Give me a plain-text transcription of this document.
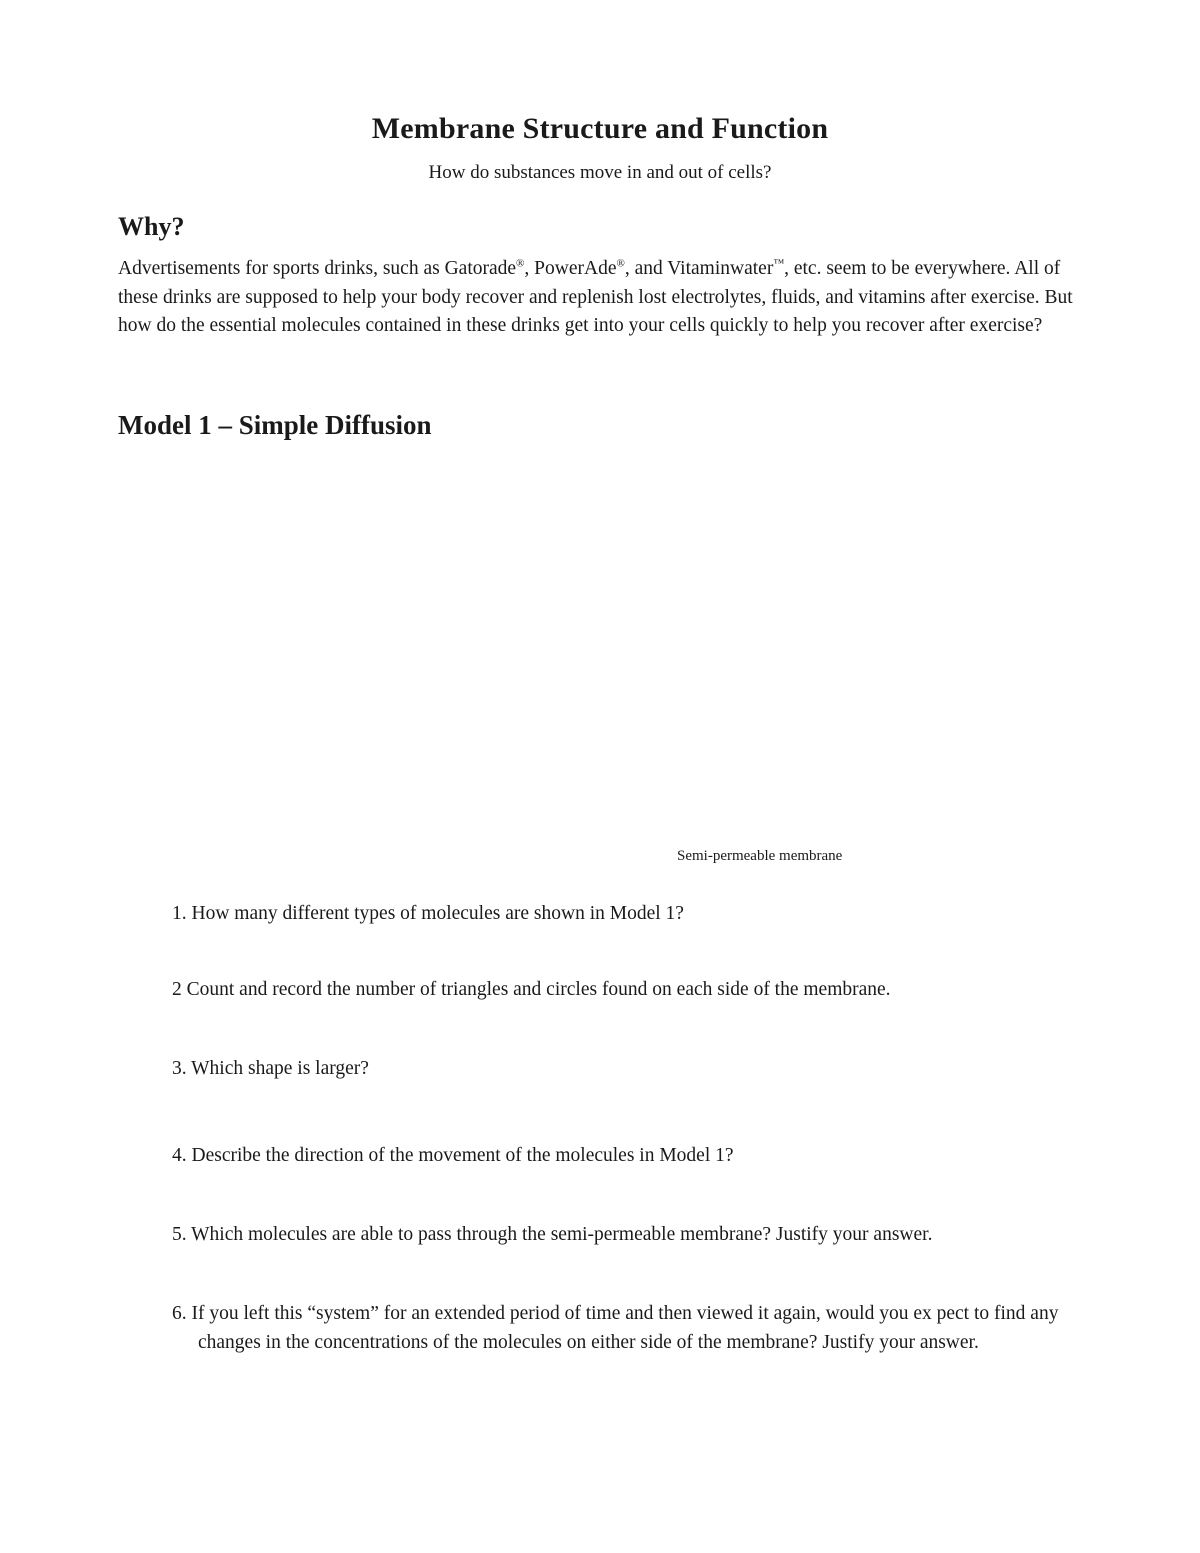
Membrane Structure and Function

How do substances move in and out of cells?

Why?

Advertisements for sports drinks, such as Gatorade®, PowerAde®, and Vitaminwater™, etc. seem to be everywhere. All of these drinks are supposed to help your body recover and replenish lost electrolytes, fluids, and vitamins after exercise. But how do the essential molecules contained in these drinks get into your cells quickly to help you recover after exercise?

Model 1 – Simple Diffusion

Semi-permeable membrane

1. How many different types of molecules are shown in Model 1?

2 Count and record the number of triangles and circles found on each side of the membrane.

3. Which shape is larger?

4. Describe the direction of the movement of the molecules in Model 1?

5. Which molecules are able to pass through the semi-permeable membrane? Justify your answer.

6. If you left this “system” for an extended period of time and then viewed it again, would you ex pect to find any changes in the concentrations of the molecules on either side of the membrane? Justify your answer.
